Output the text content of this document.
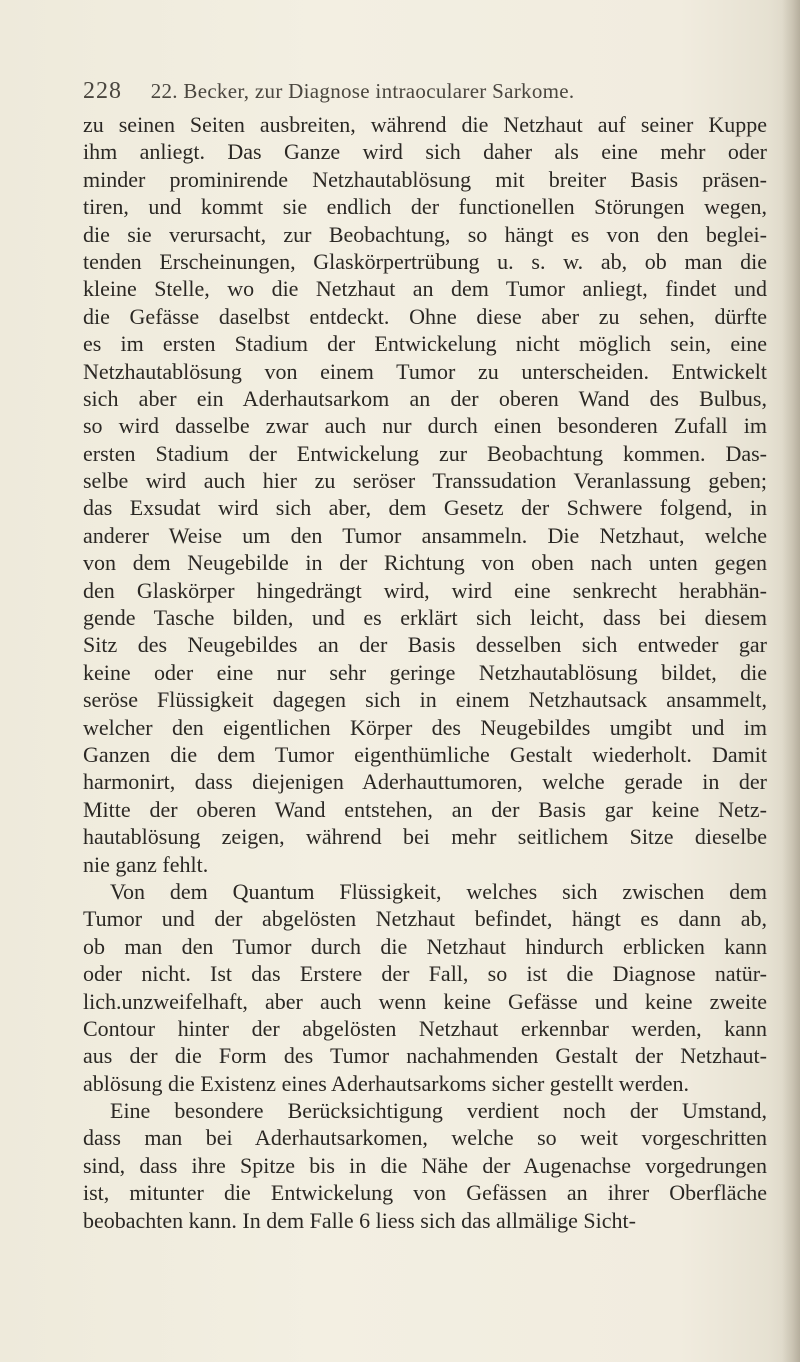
228 22. Becker, zur Diagnose intraocularer Sarkome.
zu seinen Seiten ausbreiten, während die Netzhaut auf seiner Kuppe
ihm anliegt. Das Ganze wird sich daher als eine mehr oder
minder prominirende Netzhautablösung mit breiter Basis präsen-
tiren, und kommt sie endlich der functionellen Störungen wegen,
die sie verursacht, zur Beobachtung, so hängt es von den beglei-
tenden Erscheinungen, Glaskörpertrübung u. s. w. ab, ob man die
kleine Stelle, wo die Netzhaut an dem Tumor anliegt, findet und
die Gefässe daselbst entdeckt. Ohne diese aber zu sehen, dürfte
es im ersten Stadium der Entwickelung nicht möglich sein, eine
Netzhautablösung von einem Tumor zu unterscheiden. Entwickelt
sich aber ein Aderhautsarkom an der oberen Wand des Bulbus,
so wird dasselbe zwar auch nur durch einen besonderen Zufall im
ersten Stadium der Entwickelung zur Beobachtung kommen. Das-
selbe wird auch hier zu seröser Transsudation Veranlassung geben;
das Exsudat wird sich aber, dem Gesetz der Schwere folgend, in
anderer Weise um den Tumor ansammeln. Die Netzhaut, welche
von dem Neugebilde in der Richtung von oben nach unten gegen
den Glaskörper hingedrängt wird, wird eine senkrecht herabhän-
gende Tasche bilden, und es erklärt sich leicht, dass bei diesem
Sitz des Neugebildes an der Basis desselben sich entweder gar
keine oder eine nur sehr geringe Netzhautablösung bildet, die
seröse Flüssigkeit dagegen sich in einem Netzhautsack ansammelt,
welcher den eigentlichen Körper des Neugebildes umgibt und im
Ganzen die dem Tumor eigenthümliche Gestalt wiederholt. Damit
harmonirt, dass diejenigen Aderhauttumoren, welche gerade in der
Mitte der oberen Wand entstehen, an der Basis gar keine Netz-
hautablösung zeigen, während bei mehr seitlichem Sitze dieselbe
nie ganz fehlt.
Von dem Quantum Flüssigkeit, welches sich zwischen dem
Tumor und der abgelösten Netzhaut befindet, hängt es dann ab,
ob man den Tumor durch die Netzhaut hindurch erblicken kann
oder nicht. Ist das Erstere der Fall, so ist die Diagnose natür-
lich.unzweifelhaft, aber auch wenn keine Gefässe und keine zweite
Contour hinter der abgelösten Netzhaut erkennbar werden, kann
aus der die Form des Tumor nachahmenden Gestalt der Netzhaut-
ablösung die Existenz eines Aderhautsarkoms sicher gestellt werden.
Eine besondere Berücksichtigung verdient noch der Umstand,
dass man bei Aderhautsarkomen, welche so weit vorgeschritten
sind, dass ihre Spitze bis in die Nähe der Augenachse vorgedrungen
ist, mitunter die Entwickelung von Gefässen an ihrer Oberfläche
beobachten kann. In dem Falle 6 liess sich das allmälige Sicht-
